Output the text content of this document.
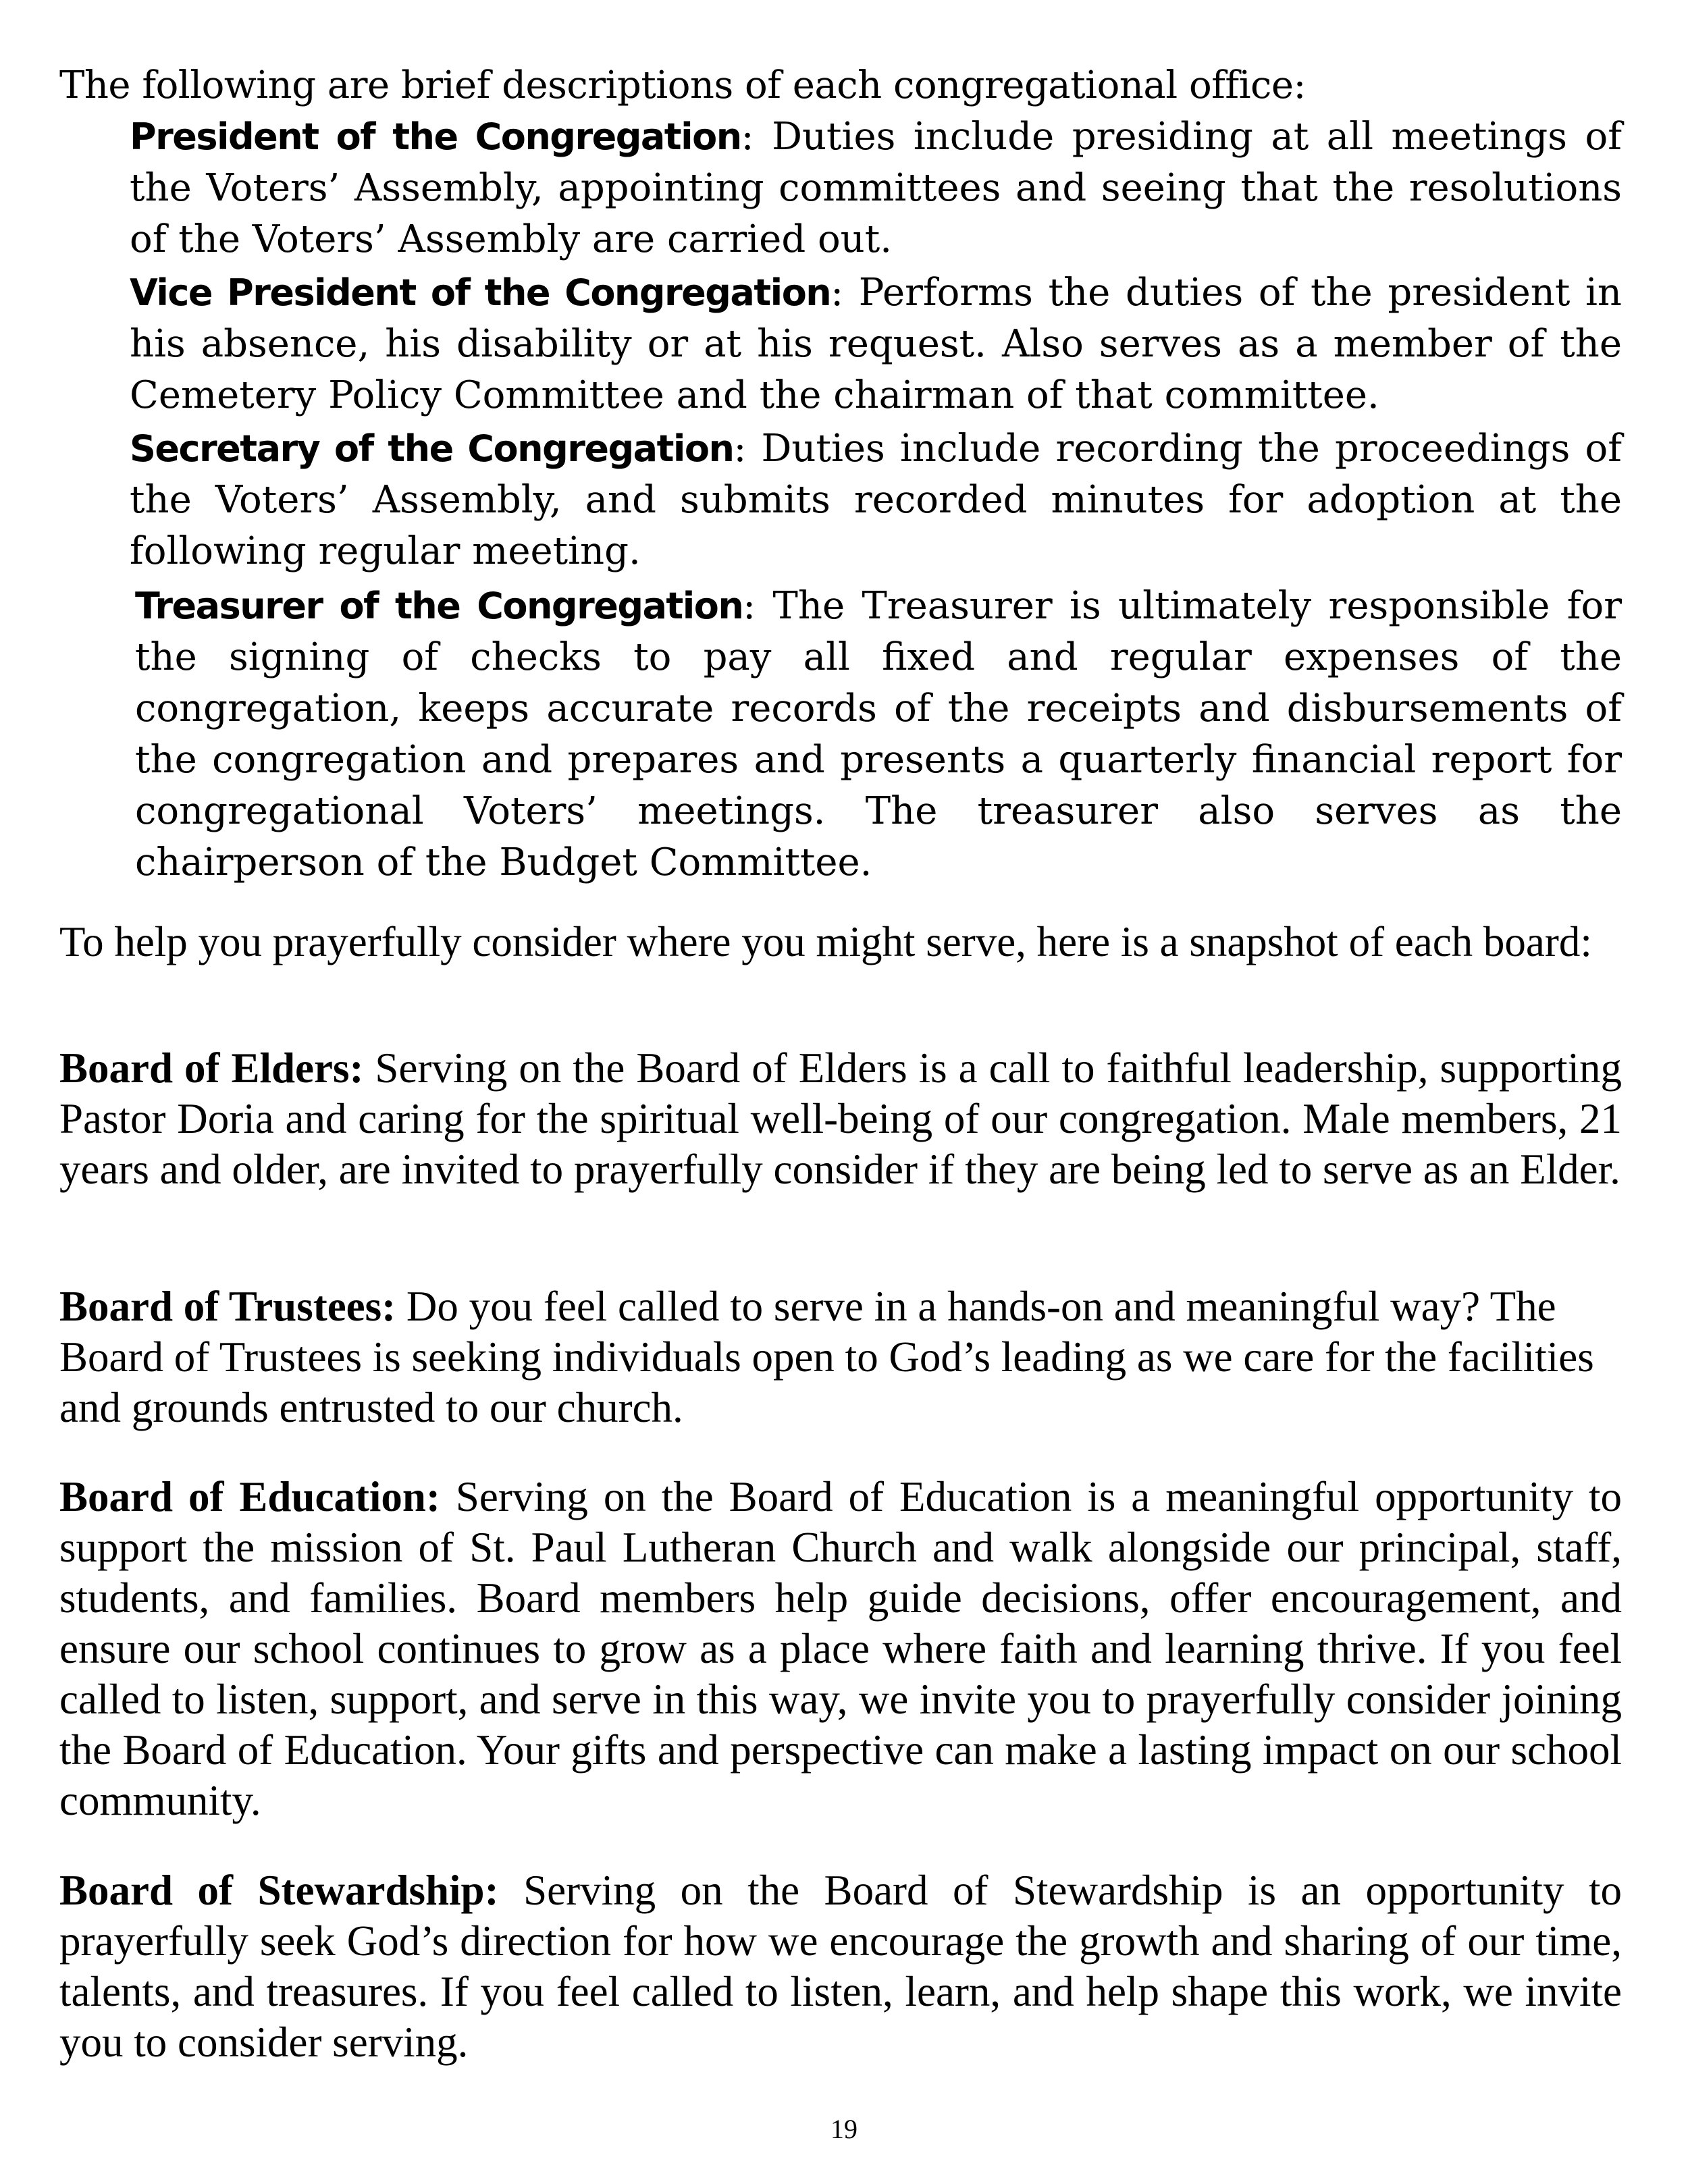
The following are brief descriptions of each congregational office:
President of the Congregation: Duties include presiding at all meetings of the Voters’ Assembly, appointing committees and seeing that the resolutions of the Voters’ Assembly are carried out.
Vice President of the Congregation: Performs the duties of the president in his absence, his disability or at his request. Also serves as a member of the Cemetery Policy Committee and the chairman of that committee.
Secretary of the Congregation: Duties include recording the proceedings of the Voters’ Assembly, and submits recorded minutes for adoption at the following regular meeting.
Treasurer of the Congregation: The Treasurer is ultimately responsible for the signing of checks to pay all fixed and regular expenses of the congregation, keeps accurate records of the receipts and disbursements of the congregation and prepares and presents a quarterly financial report for congregational Voters’ meetings. The treasurer also serves as the chairperson of the Budget Committee.
To help you prayerfully consider where you might serve, here is a snapshot of each board:
Board of Elders: Serving on the Board of Elders is a call to faithful leadership, supporting Pastor Doria and caring for the spiritual well-being of our congregation. Male members, 21 years and older, are invited to prayerfully consider if they are being led to serve as an Elder.
Board of Trustees: Do you feel called to serve in a hands-on and meaningful way? The Board of Trustees is seeking individuals open to God’s leading as we care for the facilities and grounds entrusted to our church.
Board of Education: Serving on the Board of Education is a meaningful opportunity to support the mission of St. Paul Lutheran Church and walk alongside our principal, staff, students, and families. Board members help guide decisions, offer encouragement, and ensure our school continues to grow as a place where faith and learning thrive. If you feel called to listen, support, and serve in this way, we invite you to prayerfully consider joining the Board of Education. Your gifts and perspective can make a lasting impact on our school community.
Board of Stewardship: Serving on the Board of Stewardship is an opportunity to prayerfully seek God’s direction for how we encourage the growth and sharing of our time, talents, and treasures. If you feel called to listen, learn, and help shape this work, we invite you to consider serving.
19
